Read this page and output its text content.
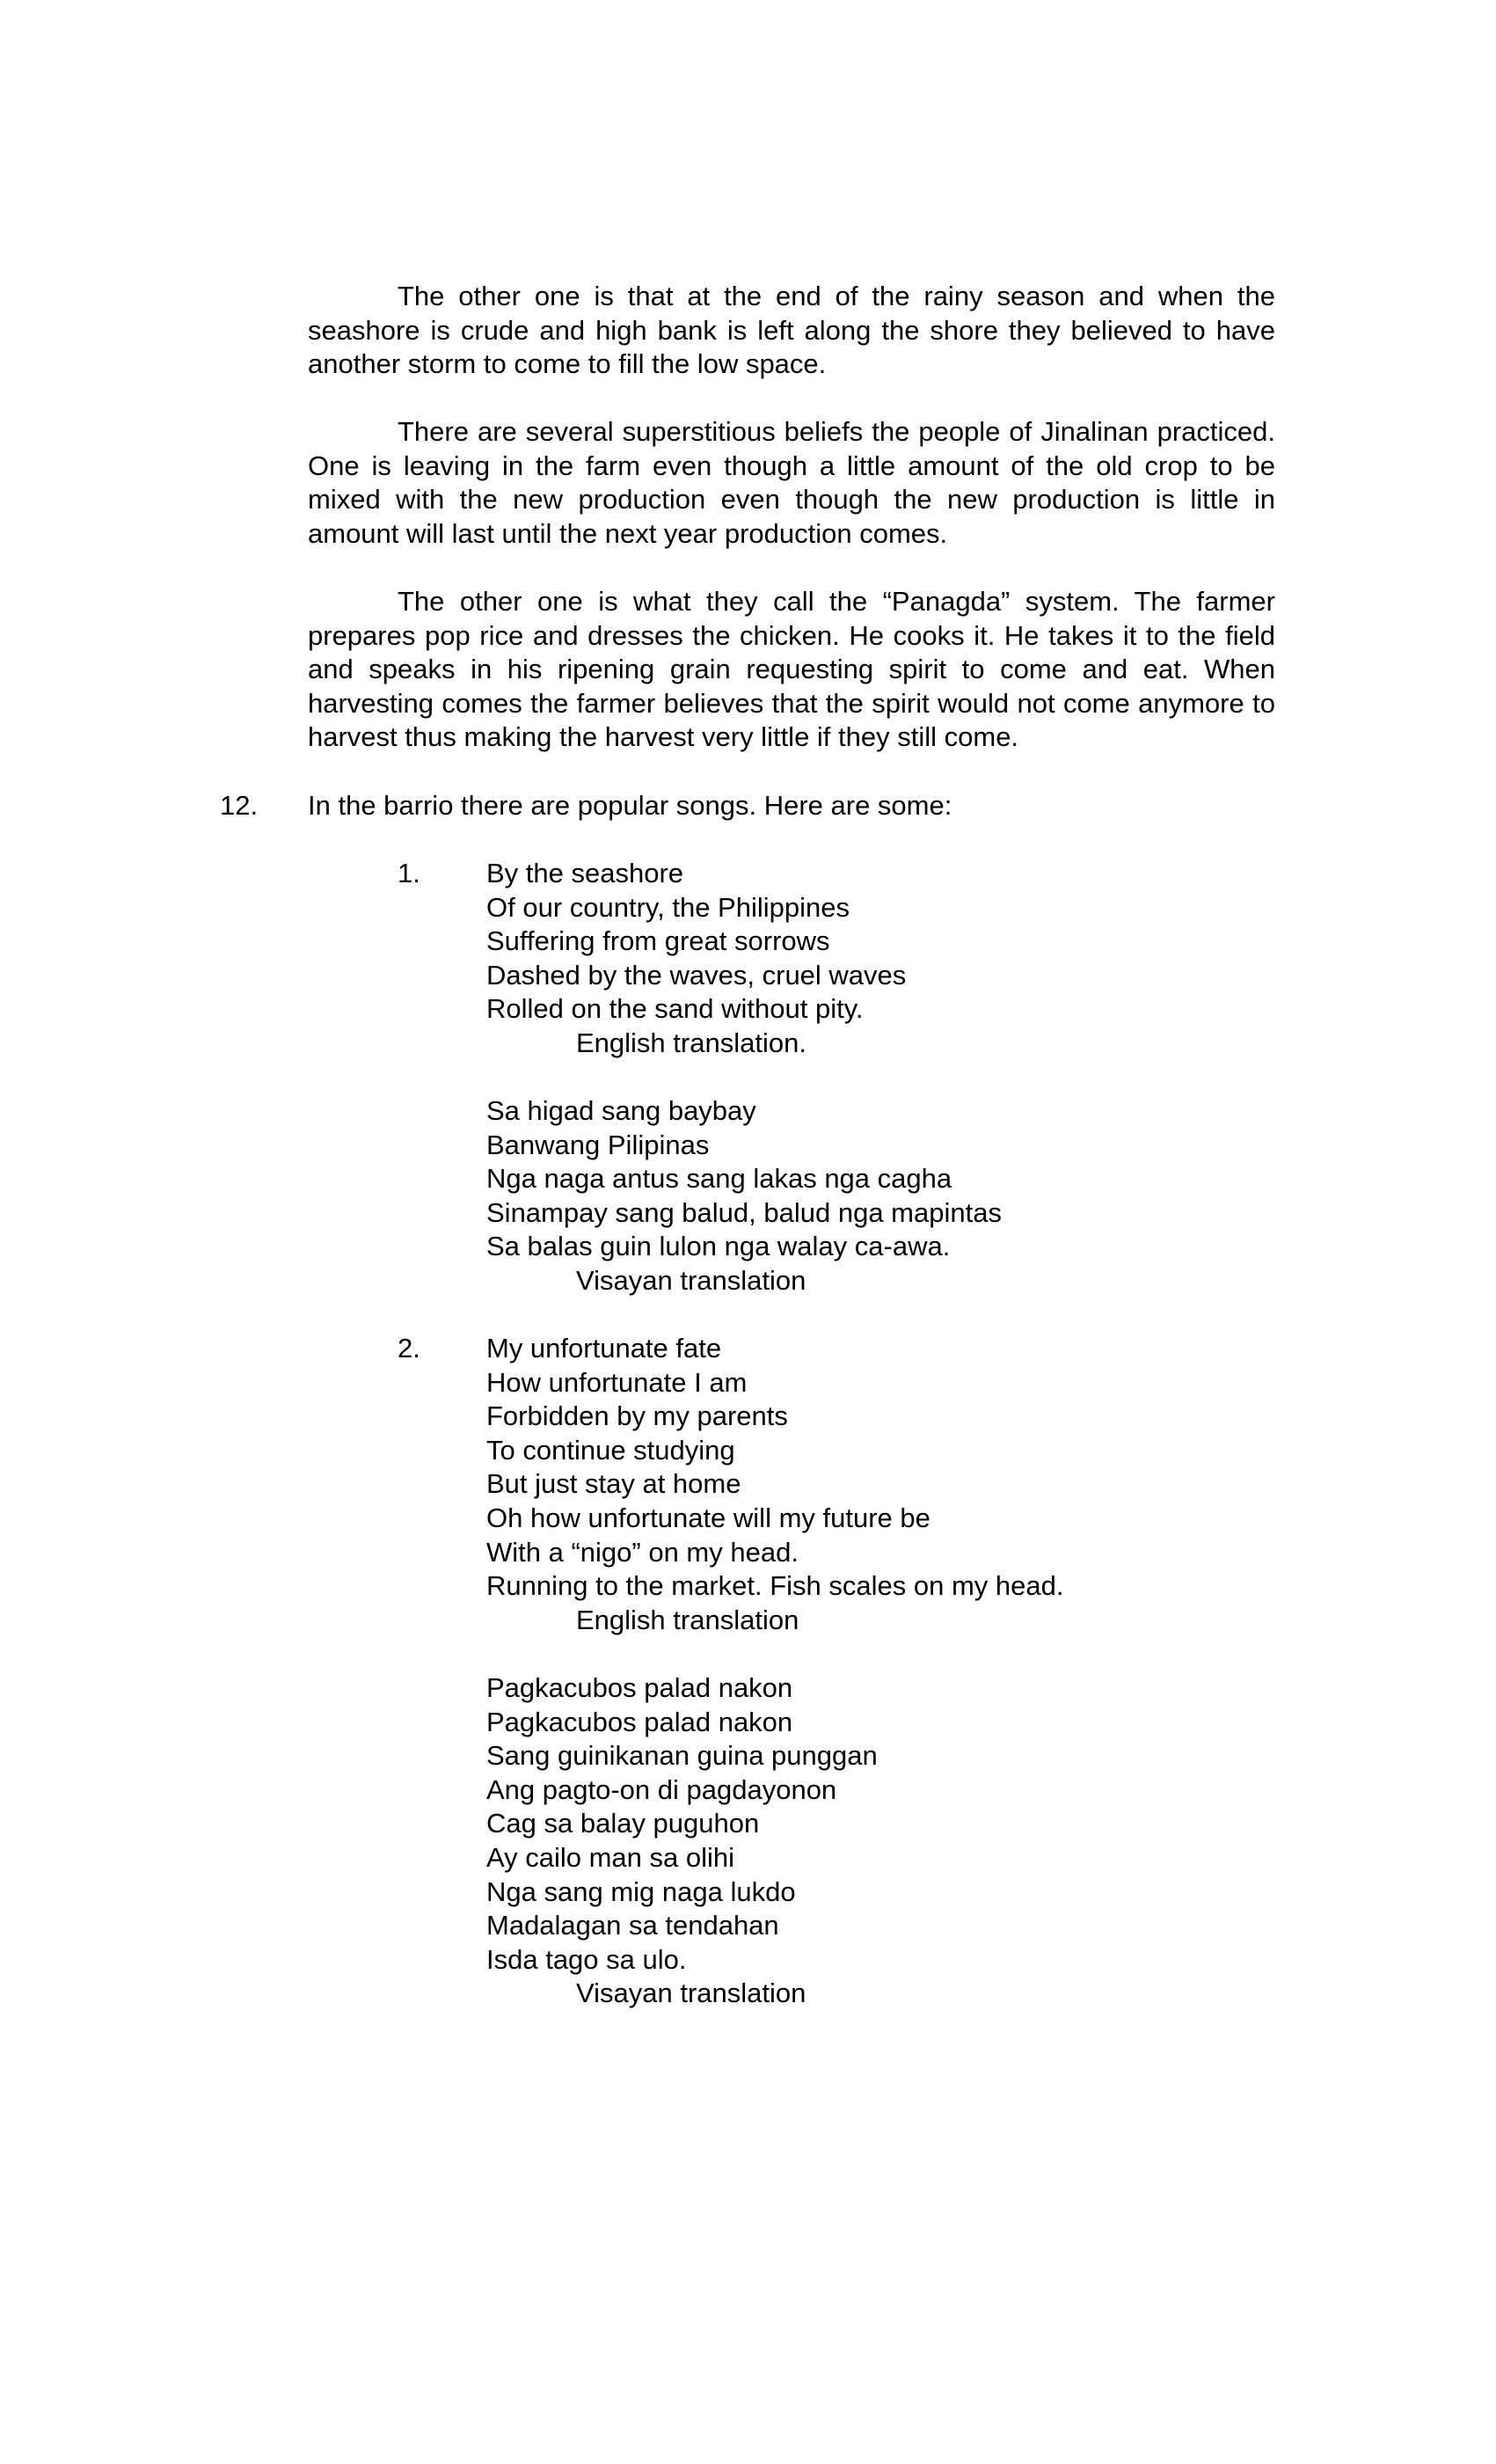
The other one is that at the end of the rainy season and when the seashore is crude and high bank is left along the shore they believed to have another storm to come to fill the low space.

There are several superstitious beliefs the people of Jinalinan practiced. One is leaving in the farm even though a little amount of the old crop to be mixed with the new production even though the new production is little in amount will last until the next year production comes.

The other one is what they call the “Panagda” system. The farmer prepares pop rice and dresses the chicken. He cooks it. He takes it to the field and speaks in his ripening grain requesting spirit to come and eat. When harvesting comes the farmer believes that the spirit would not come anymore to harvest thus making the harvest very little if they still come.

12. In the barrio there are popular songs. Here are some:

1. By the seashore
Of our country, the Philippines
Suffering from great sorrows
Dashed by the waves, cruel waves
Rolled on the sand without pity.
English translation.
Sa higad sang baybay
Banwang Pilipinas
Nga naga antus sang lakas nga cagha
Sinampay sang balud, balud nga mapintas
Sa balas guin lulon nga walay ca-awa.
Visayan translation

2. My unfortunate fate
How unfortunate I am
Forbidden by my parents
To continue studying
But just stay at home
Oh how unfortunate will my future be
With a “nigo” on my head.
Running to the market. Fish scales on my head.
English translation
Pagkacubos palad nakon
Pagkacubos palad nakon
Sang guinikanan guina punggan
Ang pagto-on di pagdayonon
Cag sa balay puguhon
Ay cailo man sa olihi
Nga sang mig naga lukdo
Madalagan sa tendahan
Isda tago sa ulo.
Visayan translation
